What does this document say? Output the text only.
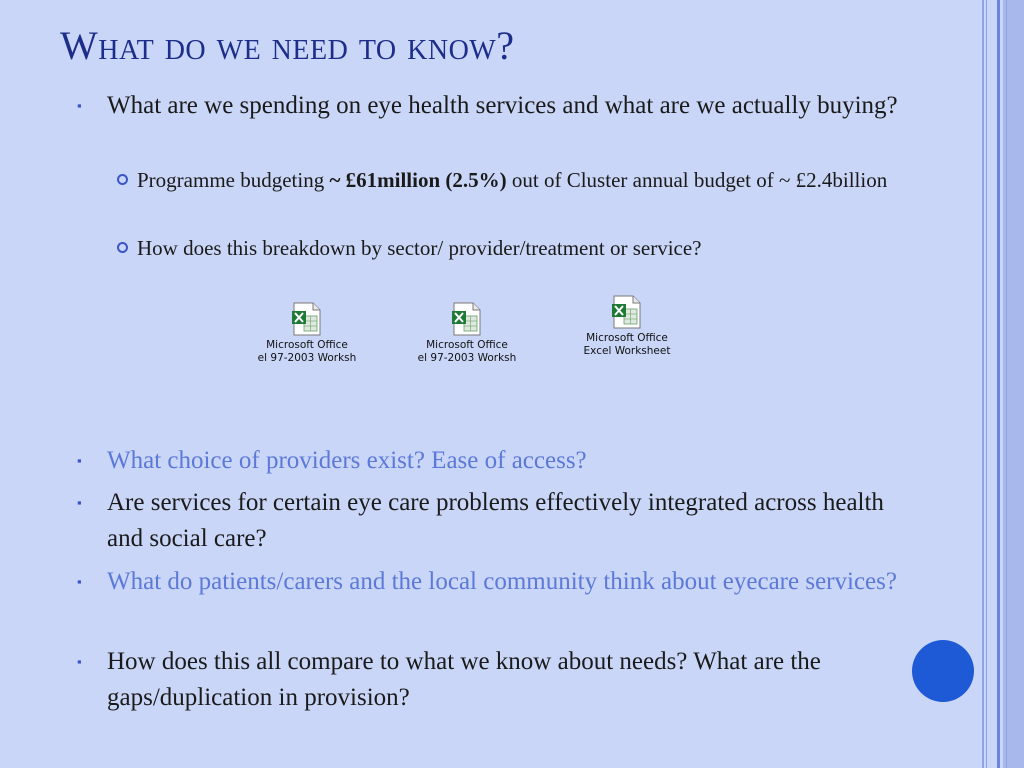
What do we need to know?
▪ What are we spending on eye health services and what are we actually buying?
Programme budgeting ~ £61million (2.5%) out of Cluster annual budget of ~ £2.4billion
How does this breakdown by sector/ provider/treatment or service?
Microsoft Office
el 97-2003 Worksh
Microsoft Office
el 97-2003 Worksh
Microsoft Office
Excel Worksheet
▪ What choice of providers exist? Ease of access?
▪ Are services for certain eye care problems effectively integrated across health and social care?
▪ What do patients/carers and the local community think about eyecare services?
▪ How does this all compare to what we know about needs? What are the gaps/duplication in provision?
